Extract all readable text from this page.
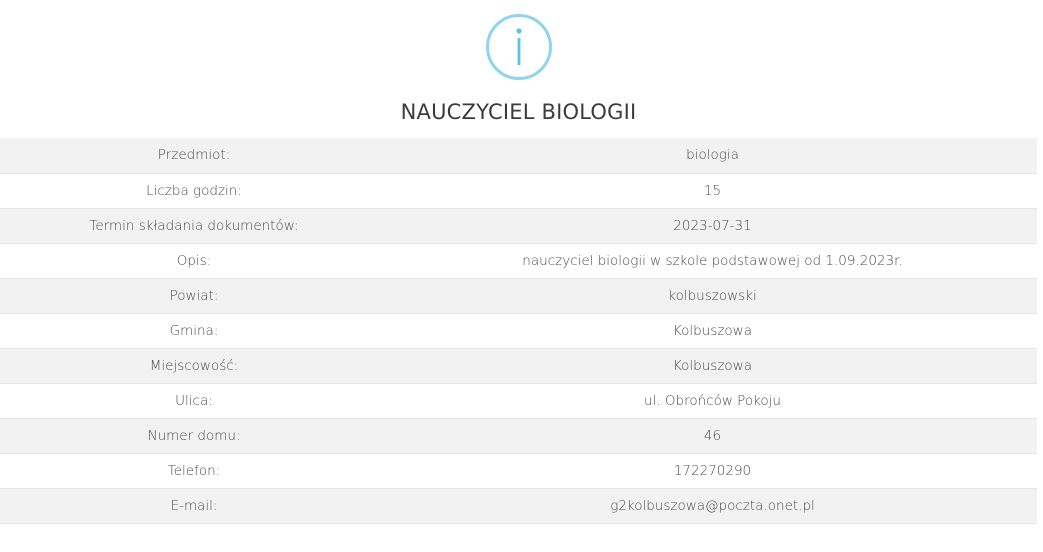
NAUCZYCIEL BIOLOGII
Przedmiot:	biologia
Liczba godzin:	15
Termin składania dokumentów:	2023-07-31
Opis:	nauczyciel biologii w szkole podstawowej od 1.09.2023r.
Powiat:	kolbuszowski
Gmina:	Kolbuszowa
Miejscowość:	Kolbuszowa
Ulica:	ul. Obrońców Pokoju
Numer domu:	46
Telefon:	172270290
E-mail:	g2kolbuszowa@poczta.onet.pl
